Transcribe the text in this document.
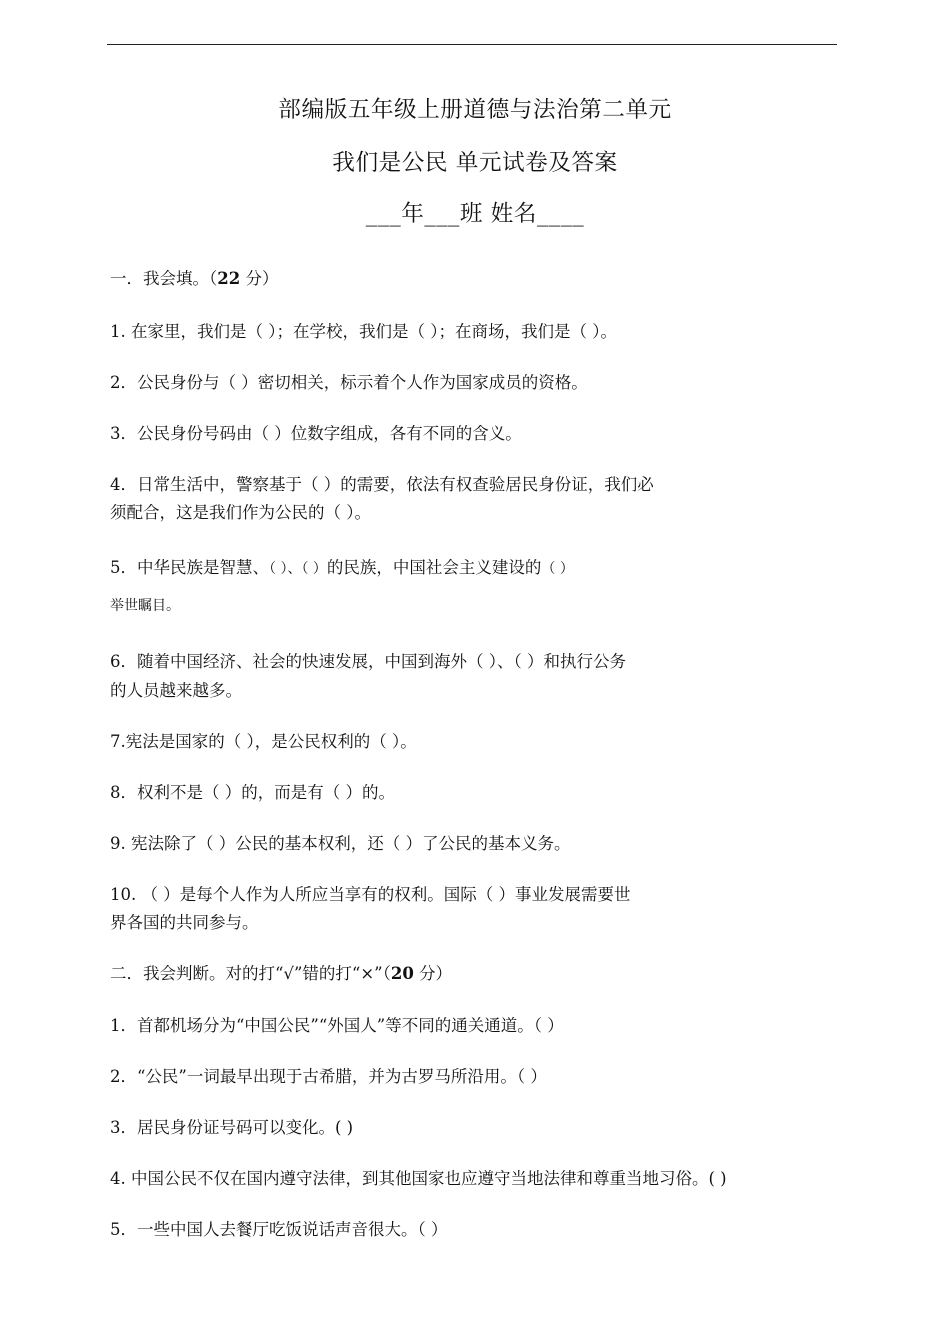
部编版五年级上册道德与法治第二单元
我们是公民 单元试卷及答案
___年___班 姓名____
一．我会填。（22 分）
1. 在家里，我们是（ ）；在学校，我们是（ ）；在商场，我们是（ ）。
2．公民身份与（ ）密切相关，标示着个人作为国家成员的资格。
3．公民身份号码由（ ）位数字组成，各有不同的含义。
4．日常生活中，警察基于（ ）的需要，依法有权查验居民身份证，我们必
须配合，这是我们作为公民的（ ）。
5．中华民族是智慧、（ ）、（ ）的民族，中国社会主义建设的（ ）
举世瞩目。
6．随着中国经济、社会的快速发展，中国到海外（ ）、（ ）和执行公务
的人员越来越多。
7.宪法是国家的（ ），是公民权利的（ ）。
8．权利不是（ ）的，而是有（ ）的。
9. 宪法除了（ ）公民的基本权利，还（ ）了公民的基本义务。
10. （ ）是每个人作为人所应当享有的权利。国际（ ）事业发展需要世
界各国的共同参与。
二．我会判断。对的打“√”错的打“×”（20 分）
1．首都机场分为“中国公民”“外国人”等不同的通关通道。（ ）
2．“公民”一词最早出现于古希腊，并为古罗马所沿用。（ ）
3．居民身份证号码可以变化。( )
4. 中国公民不仅在国内遵守法律，到其他国家也应遵守当地法律和尊重当地习俗。( )
5．一些中国人去餐厅吃饭说话声音很大。（ ）
